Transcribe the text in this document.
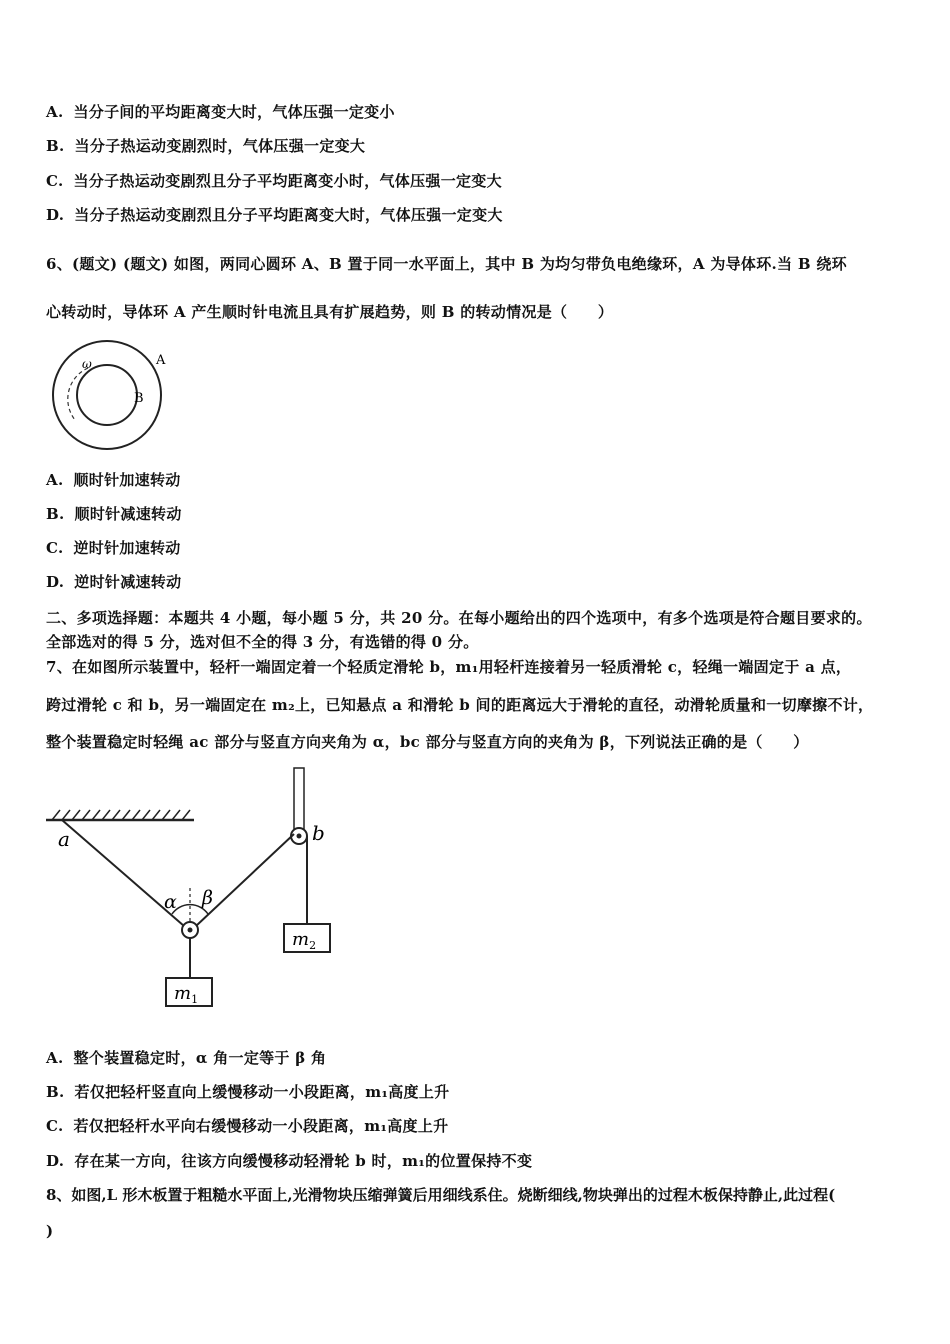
A. 当分子间的平均距离变大时，气体压强一定变小
B. 当分子热运动变剧烈时，气体压强一定变大
C. 当分子热运动变剧烈且分子平均距离变小时，气体压强一定变大
D. 当分子热运动变剧烈且分子平均距离变大时，气体压强一定变大
6、(题文) (题文) 如图，两同心圆环 A、B 置于同一水平面上，其中 B 为均匀带负电绝缘环，A 为导体环.当 B 绕环
心转动时，导体环 A 产生顺时针电流且具有扩展趋势，则 B 的转动情况是（　　）
ω	A
B
A. 顺时针加速转动
B. 顺时针减速转动
C. 逆时针加速转动
D. 逆时针减速转动
二、多项选择题：本题共 4 小题，每小题 5 分，共 20 分。在每小题给出的四个选项中，有多个选项是符合题目要求的。
全部选对的得 5 分，选对但不全的得 3 分，有选错的得 0 分。
7、在如图所示装置中，轻杆一端固定着一个轻质定滑轮 b，m₁用轻杆连接着另一轻质滑轮 c，轻绳一端固定于 a 点，
跨过滑轮 c 和 b，另一端固定在 m₂上，已知悬点 a 和滑轮 b 间的距离远大于滑轮的直径，动滑轮质量和一切摩擦不计，
整个装置稳定时轻绳 ac 部分与竖直方向夹角为 α，bc 部分与竖直方向的夹角为 β，下列说法正确的是（　　）
a	b
α β
$m_1$
$m_2$
A. 整个装置稳定时，α 角一定等于 β 角
B. 若仅把轻杆竖直向上缓慢移动一小段距离，m₁高度上升
C. 若仅把轻杆水平向右缓慢移动一小段距离，m₁高度上升
D. 存在某一方向，往该方向缓慢移动轻滑轮 b 时，m₁的位置保持不变
8、如图,L 形木板置于粗糙水平面上,光滑物块压缩弹簧后用细线系住。烧断细线,物块弹出的过程木板保持静止,此过程(
)
